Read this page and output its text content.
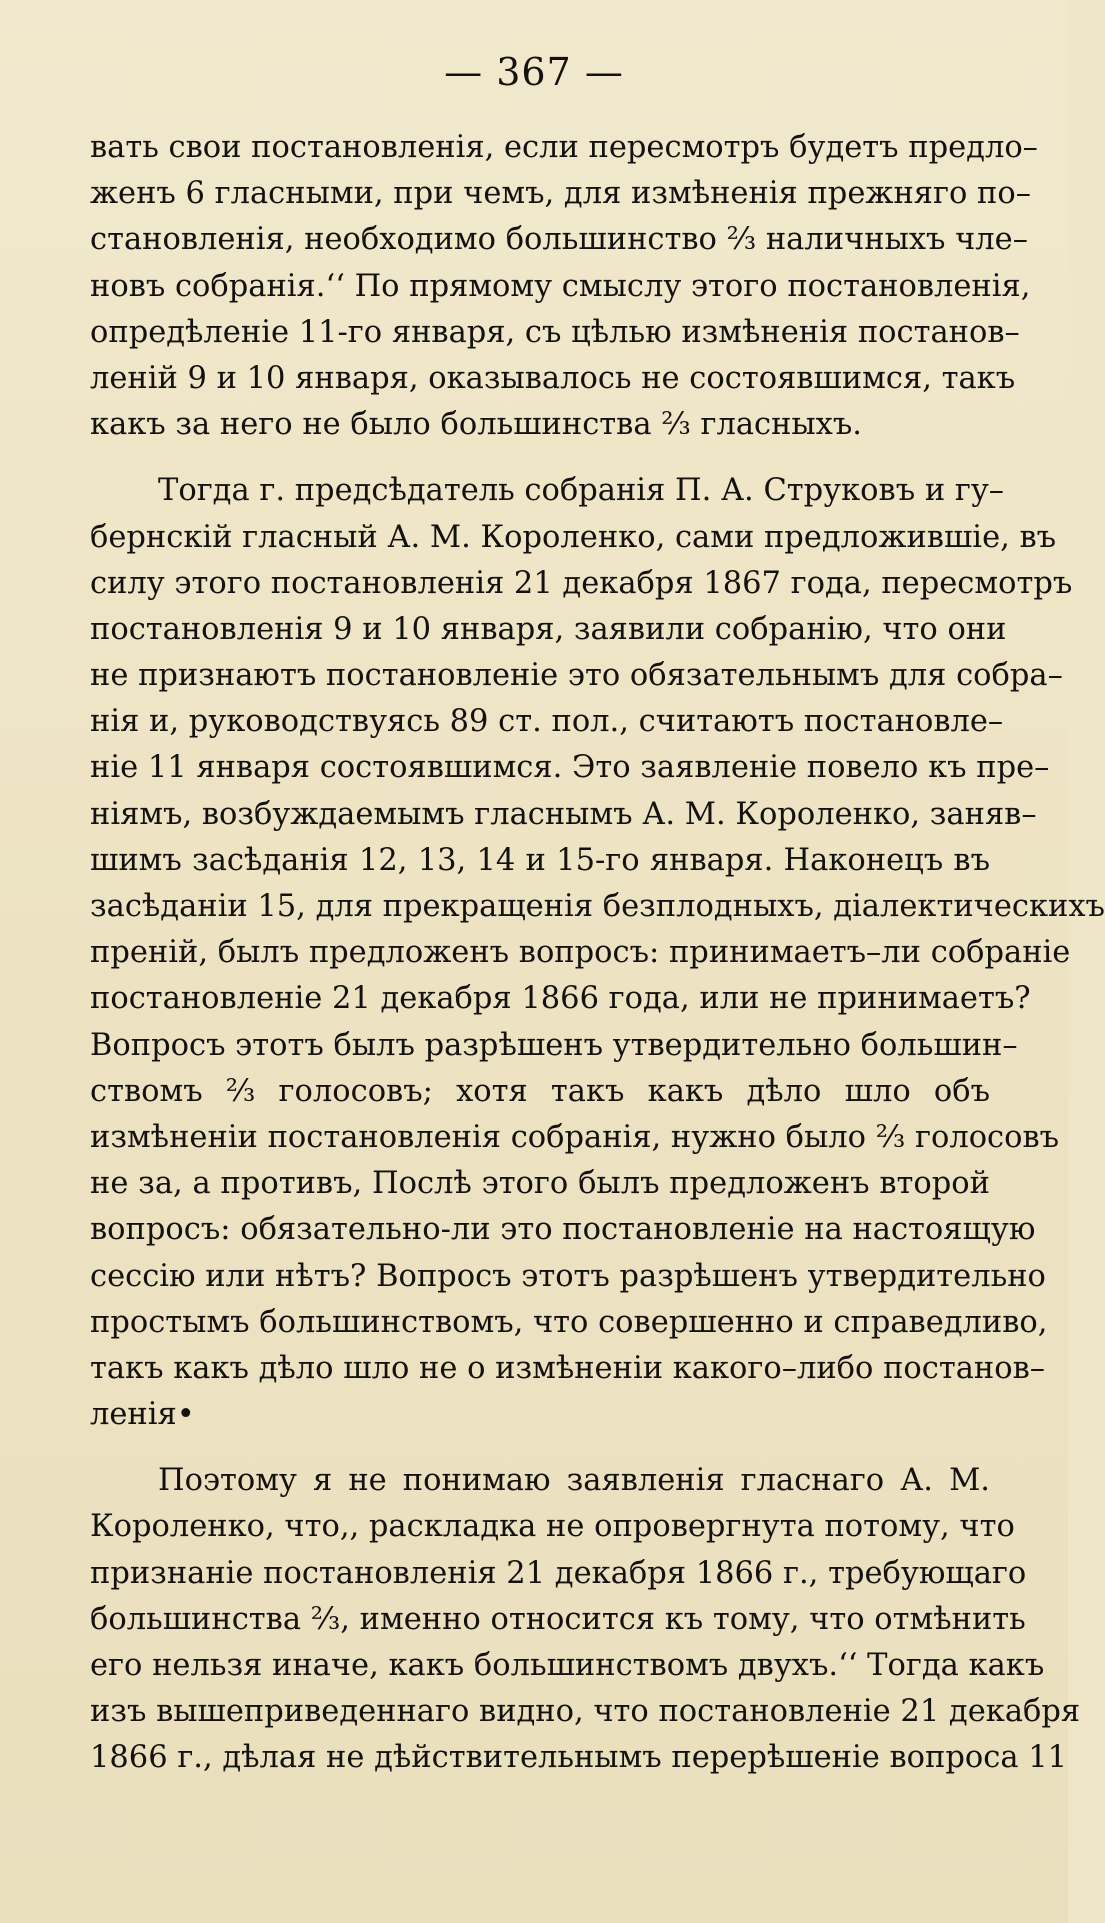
— 367 —
вать свои постановленія, если пересмотръ будетъ предло–
женъ 6 гласными, при чемъ, для измѣненія прежняго по–
становленія, необходимо большинство ⅔ наличныхъ чле–
новъ собранія.‘‘ По прямому смыслу этого постановленія,
опредѣленіе 11-го января, съ цѣлью измѣненія постанов–
леній 9 и 10 января, оказывалось не состоявшимся, такъ
какъ за него не было большинства ⅔ гласныхъ.
Тогда г. предсѣдатель собранія П. А. Струковъ и гу–
бернскій гласный А. М. Короленко, сами предложившіе, въ
силу этого постановленія 21 декабря 1867 года, пересмотръ
постановленія 9 и 10 января, заявили собранію, что они
не признаютъ постановленіе это обязательнымъ для собра–
нія и, руководствуясь 89 ст. пол., считаютъ постановле–
ніе 11 января состоявшимся. Это заявленіе повело къ пре–
ніямъ, возбуждаемымъ гласнымъ А. М. Короленко, заняв–
шимъ засѣданія 12, 13, 14 и 15-го января. Наконецъ въ
засѣданіи 15, для прекращенія безплодныхъ, діалектическихъ
преній, былъ предложенъ вопросъ: принимаетъ–ли собраніе
постановленіе 21 декабря 1866 года, или не принимаетъ?
Вопросъ этотъ былъ разрѣшенъ утвердительно большин–
ствомъ ⅔ голосовъ; хотя такъ какъ дѣло шло объ
измѣненіи постановленія собранія, нужно было ⅔ голосовъ
не за, а противъ, Послѣ этого былъ предложенъ второй
вопросъ: обязательно-ли это постановленіе на настоящую
сессію или нѣтъ? Вопросъ этотъ разрѣшенъ утвердительно
простымъ большинствомъ, что совершенно и справедливо,
такъ какъ дѣло шло не о измѣненіи какого–либо постанов–
ленія•
Поэтому я не понимаю заявленія гласнаго А. М.
Короленко, что,, раскладка не опровергнута потому, что
признаніе постановленія 21 декабря 1866 г., требующаго
большинства ⅔, именно относится къ тому, что отмѣнить
его нельзя иначе, какъ большинствомъ двухъ.‘‘ Тогда какъ
изъ вышеприведеннаго видно, что постановленіе 21 декабря
1866 г., дѣлая не дѣйствительнымъ перерѣшеніе вопроса 11
